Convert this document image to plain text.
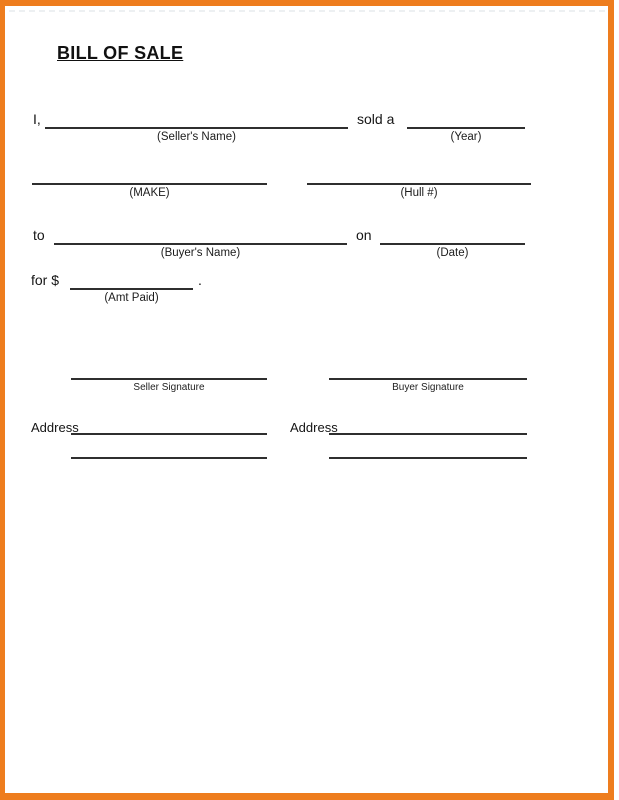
BILL OF SALE
I,	sold a
(Seller's Name)	(Year)
(MAKE)	(Hull #)
to	on
(Buyer's Name)	(Date)
for $	.
(Amt Paid)
Seller Signature	Buyer Signature
Address	Address
